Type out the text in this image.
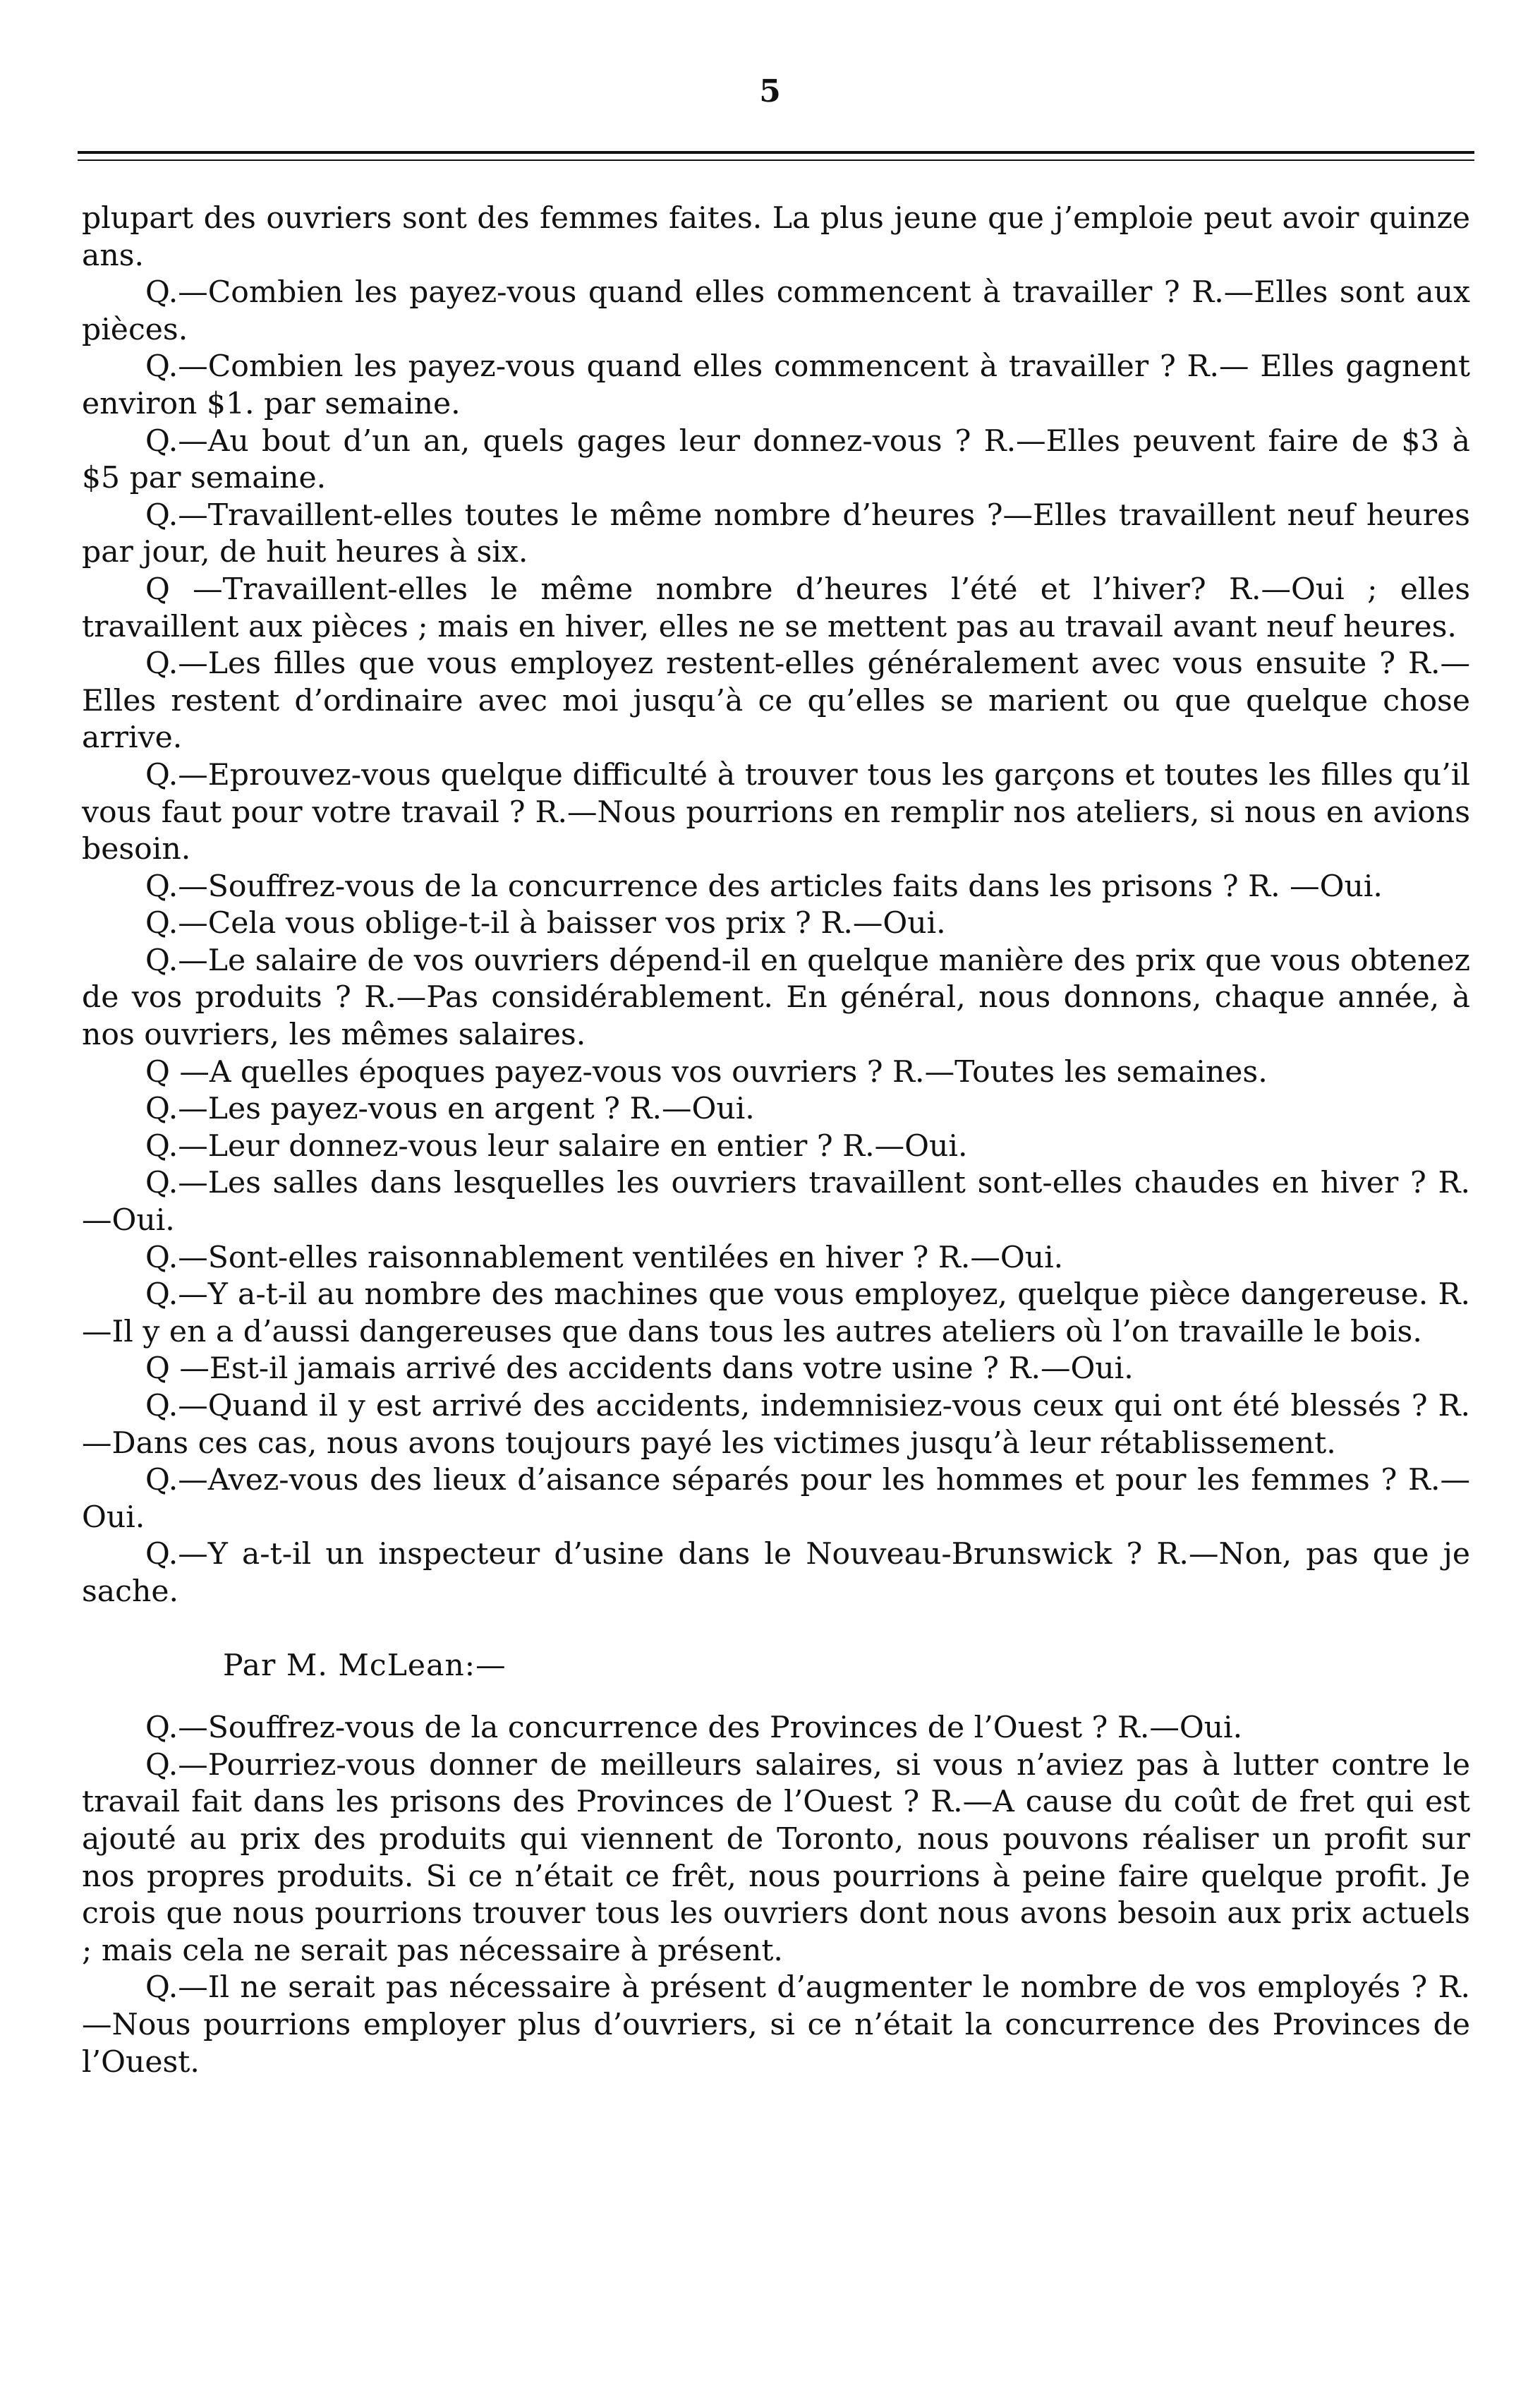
5

plupart des ouvriers sont des femmes faites. La plus jeune que j’emploie peut avoir quinze ans.

Q.—Combien les payez-vous quand elles commencent à travailler ? R.—Elles sont aux pièces.

Q.—Combien les payez-vous quand elles commencent à travailler ? R.— Elles gagnent environ $1. par semaine.

Q.—Au bout d’un an, quels gages leur donnez-vous ? R.—Elles peuvent faire de $3 à $5 par semaine.

Q.—Travaillent-elles toutes le même nombre d’heures ?—Elles travaillent neuf heures par jour, de huit heures à six.

Q —Travaillent-elles le même nombre d’heures l’été et l’hiver? R.—Oui ; elles travaillent aux pièces ; mais en hiver, elles ne se mettent pas au travail avant neuf heures.

Q.—Les filles que vous employez restent-elles généralement avec vous ensuite ? R.—Elles restent d’ordinaire avec moi jusqu’à ce qu’elles se marient ou que quelque chose arrive.

Q.—Eprouvez-vous quelque difficulté à trouver tous les garçons et toutes les filles qu’il vous faut pour votre travail ? R.—Nous pourrions en remplir nos ateliers, si nous en avions besoin.

Q.—Souffrez-vous de la concurrence des articles faits dans les prisons ? R. —Oui.

Q.—Cela vous oblige-t-il à baisser vos prix ? R.—Oui.

Q.—Le salaire de vos ouvriers dépend-il en quelque manière des prix que vous obtenez de vos produits ? R.—Pas considérablement. En général, nous donnons, chaque année, à nos ouvriers, les mêmes salaires.

Q —A quelles époques payez-vous vos ouvriers ? R.—Toutes les semaines.

Q.—Les payez-vous en argent ? R.—Oui.

Q.—Leur donnez-vous leur salaire en entier ? R.—Oui.

Q.—Les salles dans lesquelles les ouvriers travaillent sont-elles chaudes en hiver ? R.—Oui.

Q.—Sont-elles raisonnablement ventilées en hiver ? R.—Oui.

Q.—Y a-t-il au nombre des machines que vous employez, quelque pièce dangereuse. R.—Il y en a d’aussi dangereuses que dans tous les autres ateliers où l’on travaille le bois.

Q —Est-il jamais arrivé des accidents dans votre usine ? R.—Oui.

Q.—Quand il y est arrivé des accidents, indemnisiez-vous ceux qui ont été blessés ? R.—Dans ces cas, nous avons toujours payé les victimes jusqu’à leur rétablissement.

Q.—Avez-vous des lieux d’aisance séparés pour les hommes et pour les femmes ? R.—Oui.

Q.—Y a-t-il un inspecteur d’usine dans le Nouveau-Brunswick ? R.—Non, pas que je sache.

Par M. McLean:—

Q.—Souffrez-vous de la concurrence des Provinces de l’Ouest ? R.—Oui.

Q.—Pourriez-vous donner de meilleurs salaires, si vous n’aviez pas à lutter contre le travail fait dans les prisons des Provinces de l’Ouest ? R.—A cause du coût de fret qui est ajouté au prix des produits qui viennent de Toronto, nous pouvons réaliser un profit sur nos propres produits. Si ce n’était ce frêt, nous pourrions à peine faire quelque profit. Je crois que nous pourrions trouver tous les ouvriers dont nous avons besoin aux prix actuels ; mais cela ne serait pas nécessaire à présent.

Q.—Il ne serait pas nécessaire à présent d’augmenter le nombre de vos employés ? R.—Nous pourrions employer plus d’ouvriers, si ce n’était la concurrence des Provinces de l’Ouest.
